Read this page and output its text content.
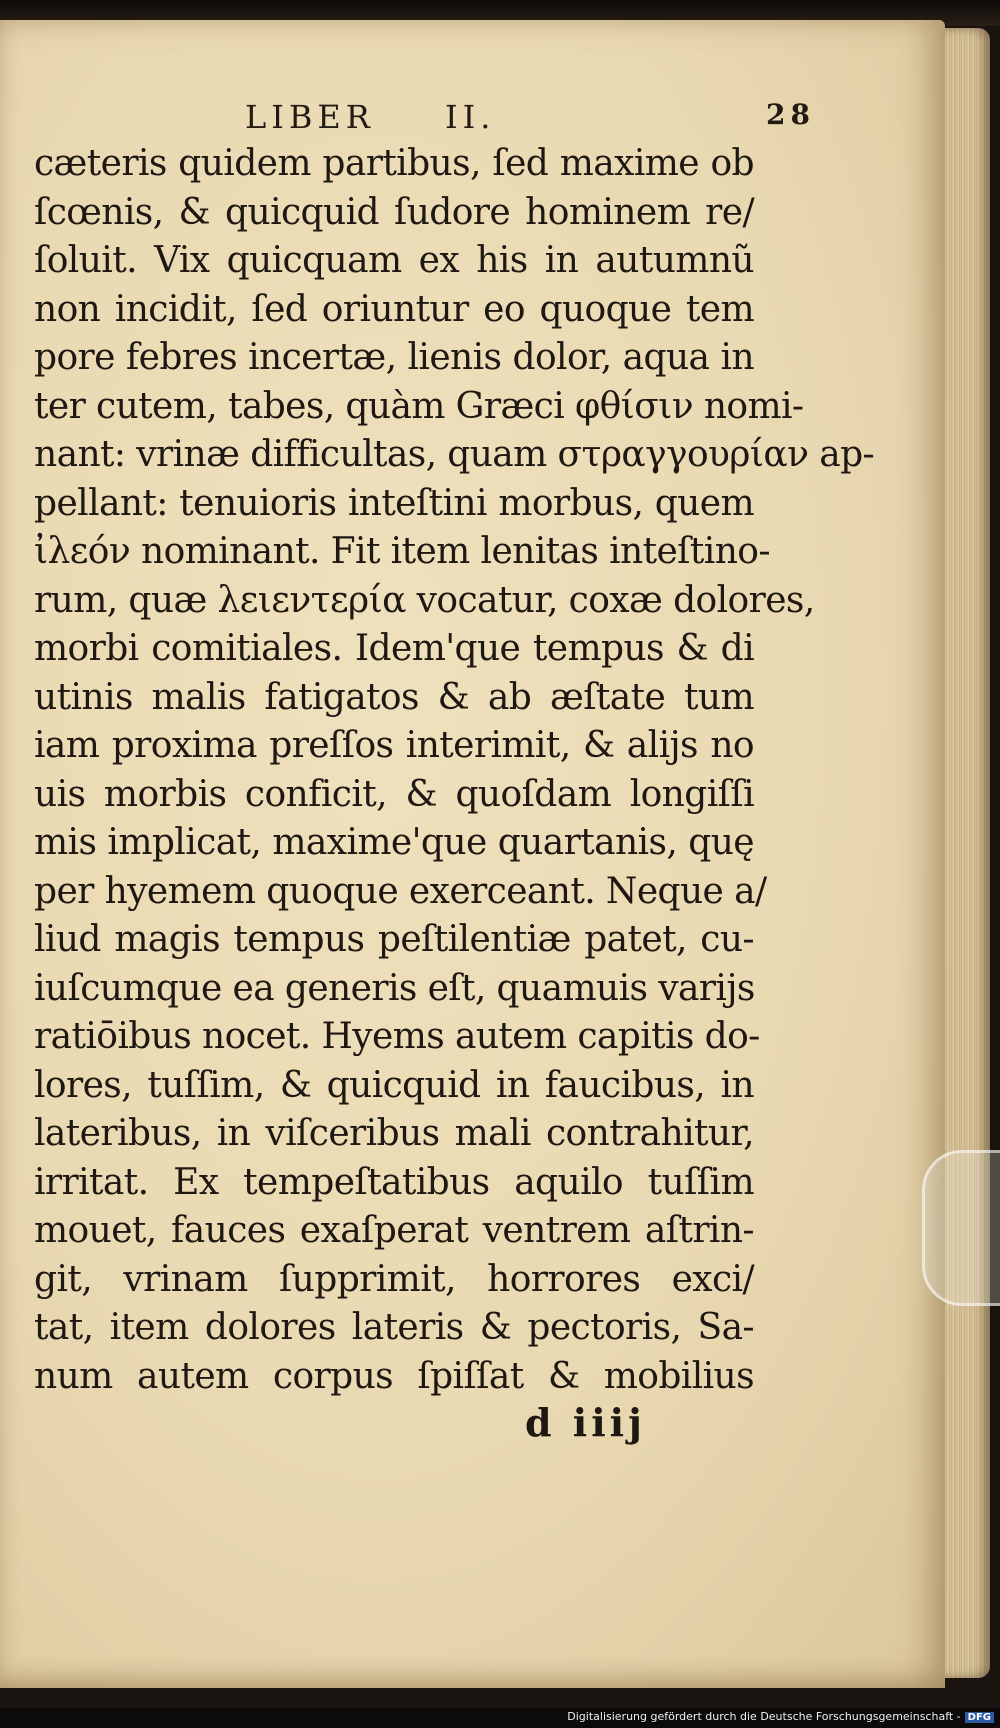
LIBER II.	28
cæteris quidem partibus, ſed maxime ob
ſcœnis, & quicquid ſudore hominem re/
ſoluit. Vix quicquam ex his in autumnũ
non incidit, ſed oriuntur eo quoque tem
pore febres incertæ, lienis dolor, aqua in
ter cutem, tabes, quàm Græci φθίσιν nomi-
nant: vrinæ difficultas, quam στραγγουρίαν ap-
pellant: tenuioris inteſtini morbus, quem
ἰλεόν nominant. Fit item lenitas inteſtino-
rum, quæ λειεντερία vocatur, coxæ dolores,
morbi comitiales. Idem'que tempus & di
utinis malis fatigatos & ab æſtate tum
iam proxima preſſos interimit, & alijs no
uis morbis conficit, & quoſdam longiſſi
mis implicat, maxime'que quartanis, quę
per hyemem quoque exerceant. Neque a/
liud magis tempus peſtilentiæ patet, cu-
iuſcumque ea generis eſt, quamuis varijs
ratiōibus nocet. Hyems autem capitis do-
lores, tuſſim, & quicquid in faucibus, in
lateribus, in viſceribus mali contrahitur,
irritat. Ex tempeſtatibus aquilo tuſſim
mouet, fauces exaſperat ventrem aſtrin-
git, vrinam ſupprimit, horrores exci/
tat, item dolores lateris & pectoris, Sa-
num autem corpus ſpiſſat & mobilius
d iiij
Digitalisierung gefördert durch die Deutsche Forschungsgemeinschaft - DFG
